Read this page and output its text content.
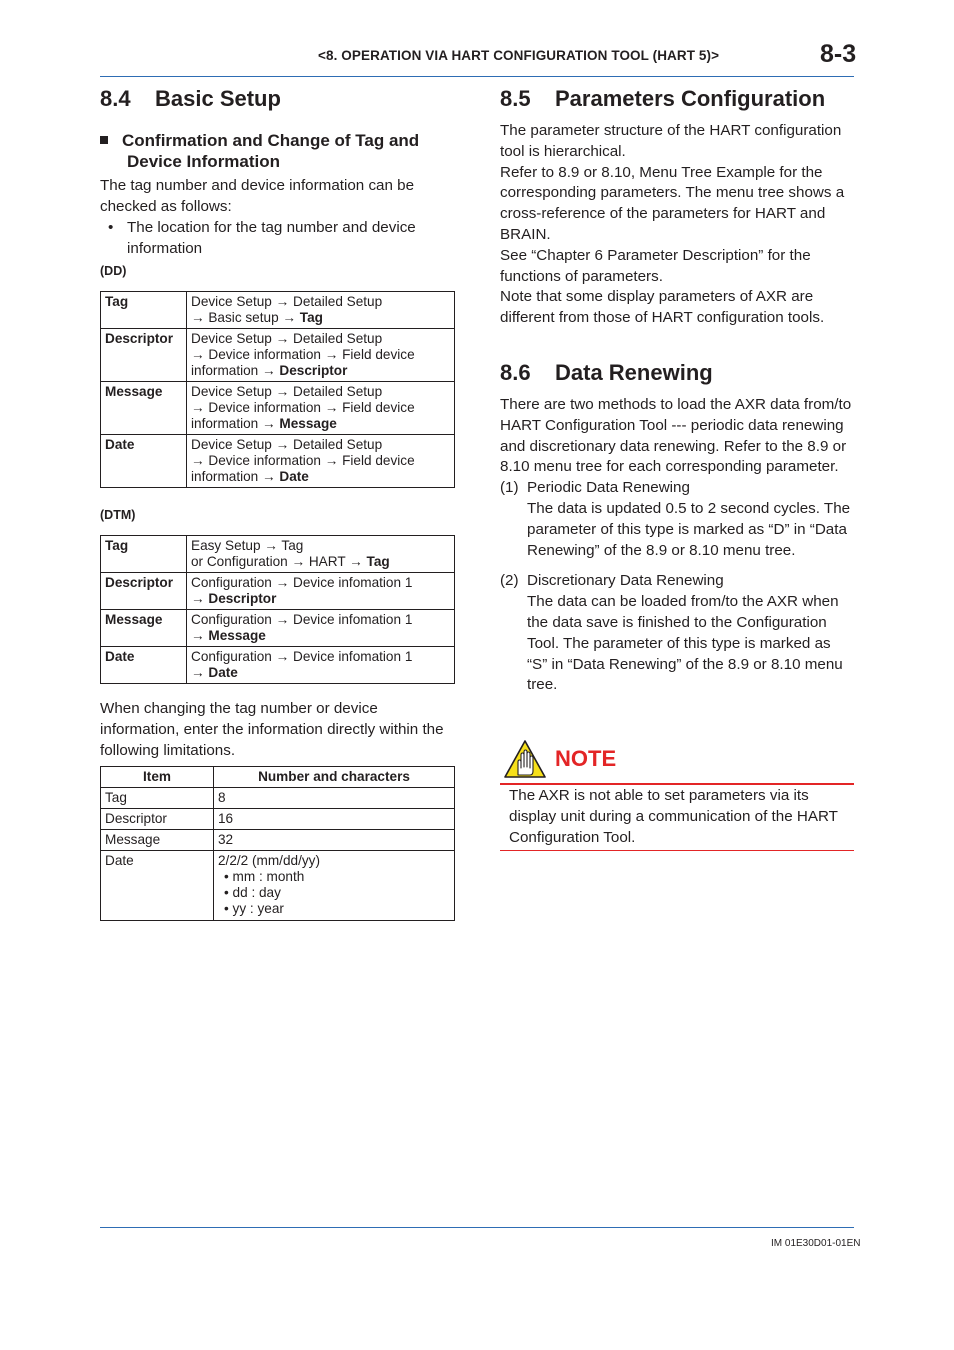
<8. OPERATION VIA HART CONFIGURATION TOOL (HART 5)>	8-3
8.4 Basic Setup
Confirmation and Change of Tag and
Device Information
The tag number and device information can be checked as follows:
• The location for the tag number and device information
(DD)
Tag	Device Setup → Detailed Setup
→ Basic setup → Tag

Descriptor	Device Setup → Detailed Setup
→ Device information → Field device
information → Descriptor

Message	Device Setup → Detailed Setup
→ Device information → Field device
information → Message

Date	Device Setup → Detailed Setup
→ Device information → Field device
information → Date
(DTM)
Tag	Easy Setup → Tag
or Configuration → HART → Tag

Descriptor	Configuration → Device infomation 1
→ Descriptor

Message	Configuration → Device infomation 1
→ Message

Date	Configuration → Device infomation 1
→ Date
When changing the tag number or device information, enter the information directly within the following limitations.
Item	Number and characters
Tag	8
Descriptor	16
Message	32
Date	2/2/2 (mm/dd/yy)
• mm : month
• dd : day
• yy : year
8.5 Parameters Configuration
The parameter structure of the HART configuration tool is hierarchical.
Refer to 8.9 or 8.10, Menu Tree Example for the corresponding parameters. The menu tree shows a cross-reference of the parameters for HART and BRAIN.
See “Chapter 6 Parameter Description” for the functions of parameters.
Note that some display parameters of AXR are different from those of HART configuration tools.
8.6 Data Renewing
There are two methods to load the AXR data from/to HART Configuration Tool --- periodic data renewing and discretionary data renewing. Refer to the 8.9 or 8.10 menu tree for each corresponding parameter.
(1) Periodic Data Renewing
The data is updated 0.5 to 2 second cycles. The parameter of this type is marked as “D” in “Data Renewing” of the 8.9 or 8.10 menu tree.
(2) Discretionary Data Renewing
The data can be loaded from/to the AXR when the data save is finished to the Configuration Tool. The parameter of this type is marked as “S” in “Data Renewing” of the 8.9 or 8.10 menu tree.
NOTE
The AXR is not able to set parameters via its display unit during a communication of the HART Configuration Tool.
IM 01E30D01-01EN
